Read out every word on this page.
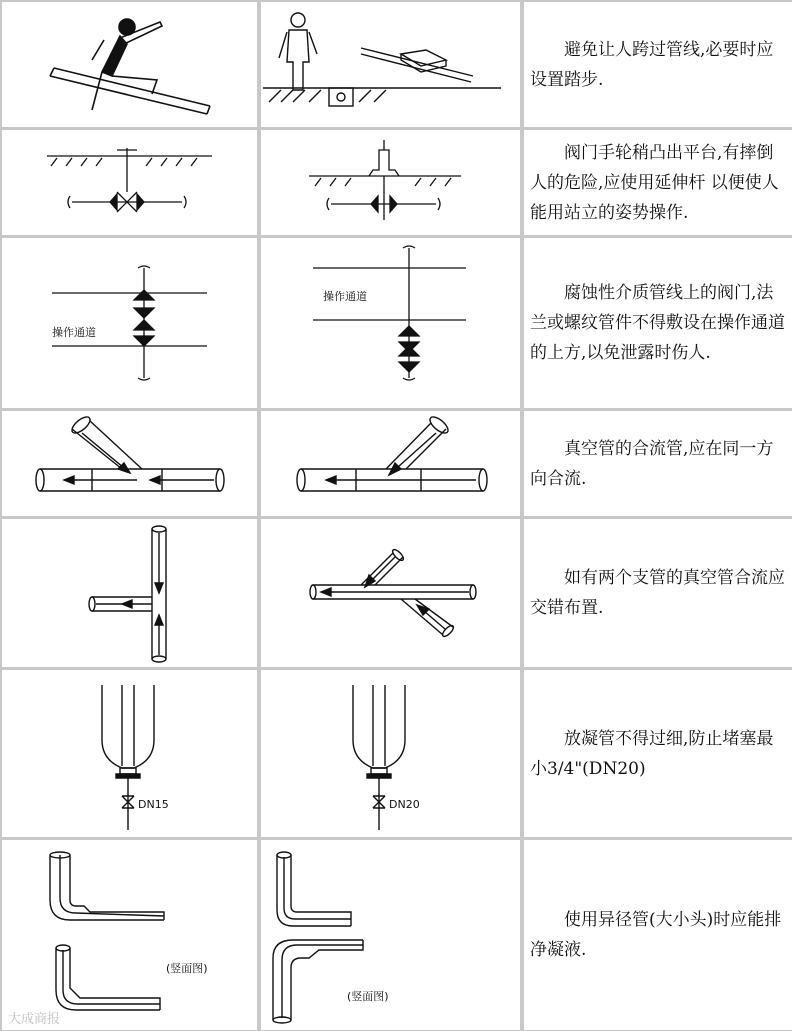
避免让人跨过管线,必要时应设置踏步.
阀门手轮稍凸出平台,有摔倒人的危险,应使用延伸杆 以便使人能用站立的姿势操作.
操作通道
操作通道	腐蚀性介质管线上的阀门,法兰或螺纹管件不得敷设在操作通道的上方,以免泄露时伤人.
真空管的合流管,应在同一方向合流.
如有两个支管的真空管合流应交错布置.
DN15	DN20
放凝管不得过细,防止堵塞最小3/4"(DN20)
(竖面图)
(竖面图)
使用异径管(大小头)时应能排净凝液.
大成商报
